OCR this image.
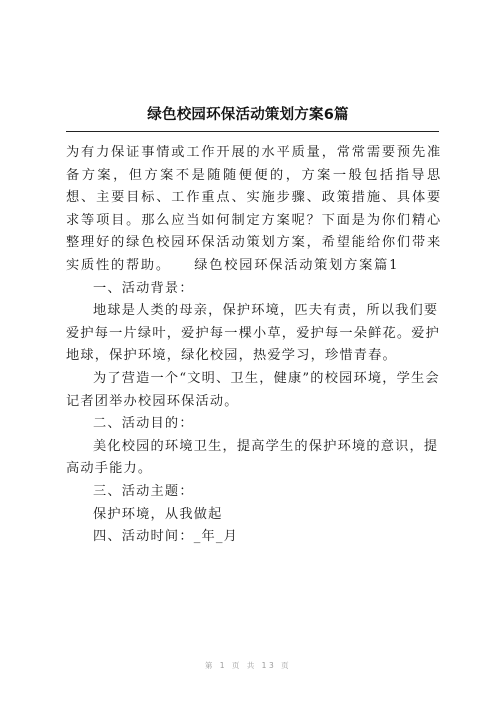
绿色校园环保活动策划方案6篇

为有力保证事情或工作开展的水平质量，常常需要预先准备方案，但方案不是随随便便的，方案一般包括指导思想、主要目标、工作重点、实施步骤、政策措施、具体要求等项目。那么应当如何制定方案呢？下面是为你们精心整理好的绿色校园环保活动策划方案，希望能给你们带来实质性的帮助。　　绿色校园环保活动策划方案篇1

一、活动背景：

地球是人类的母亲，保护环境，匹夫有责，所以我们要爱护每一片绿叶，爱护每一棵小草，爱护每一朵鲜花。爱护地球，保护环境，绿化校园，热爱学习，珍惜青春。

为了营造一个“文明、卫生，健康”的校园环境，学生会记者团举办校园环保活动。

二、活动目的：

美化校园的环境卫生，提高学生的保护环境的意识，提高动手能力。

三、活动主题：

保护环境，从我做起

四、活动时间：_年_月

第 1 页 共 13 页
